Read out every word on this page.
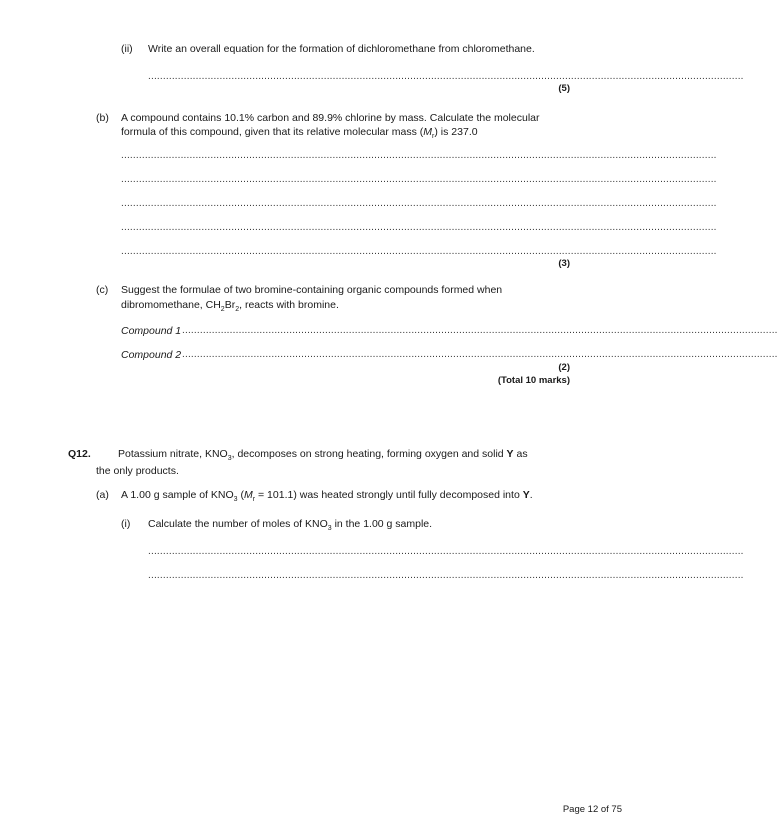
(ii) Write an overall equation for the formation of dichloromethane from chloromethane.
........................................................................................................................................................................................................
(5)
(b) A compound contains 10.1% carbon and 89.9% chlorine by mass. Calculate the molecular
formula of this compound, given that its relative molecular mass $(M_r)$ is 237.0
........................................................................................................................................................................................................
........................................................................................................................................................................................................
........................................................................................................................................................................................................
........................................................................................................................................................................................................
........................................................................................................................................................................................................
(3)
(c) Suggest the formulae of two bromine-containing organic compounds formed when
dibromomethane, $CH_2Br_2$, reacts with bromine.
Compound 1 ........................................................................................................................................................................................................
Compound 2 ........................................................................................................................................................................................................
(2)
(Total 10 marks)
Q12.	Potassium nitrate, $KNO_3$, decomposes on strong heating, forming oxygen and solid Y as
the only products.
(a) A 1.00 g sample of $KNO_3$ $(M_r = 101.1)$ was heated strongly until fully decomposed into Y.
(i) Calculate the number of moles of $KNO_3$ in the 1.00 g sample.
........................................................................................................................................................................................................
........................................................................................................................................................................................................
Page 12 of 75
